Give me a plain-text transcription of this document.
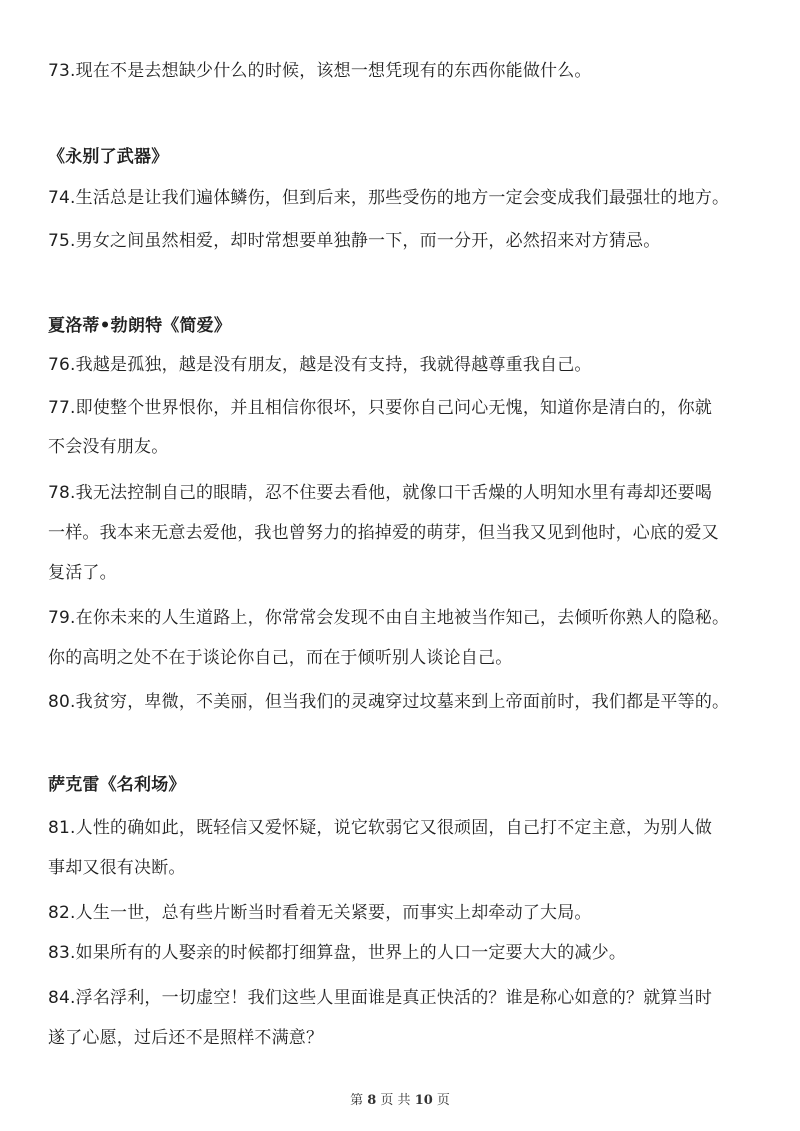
73.现在不是去想缺少什么的时候，该想一想凭现有的东西你能做什么。
《永别了武器》
74.生活总是让我们遍体鳞伤，但到后来，那些受伤的地方一定会变成我们最强壮的地方。
75.男女之间虽然相爱，却时常想要单独静一下，而一分开，必然招来对方猜忌。
夏洛蒂•勃朗特《简爱》
76.我越是孤独，越是没有朋友，越是没有支持，我就得越尊重我自己。
77.即使整个世界恨你，并且相信你很坏，只要你自己问心无愧，知道你是清白的，你就
不会没有朋友。
78.我无法控制自己的眼睛，忍不住要去看他，就像口干舌燥的人明知水里有毒却还要喝
一样。我本来无意去爱他，我也曾努力的掐掉爱的萌芽，但当我又见到他时，心底的爱又
复活了。
79.在你未来的人生道路上，你常常会发现不由自主地被当作知己，去倾听你熟人的隐秘。
你的高明之处不在于谈论你自己，而在于倾听别人谈论自己。
80.我贫穷，卑微，不美丽，但当我们的灵魂穿过坟墓来到上帝面前时，我们都是平等的。
萨克雷《名利场》
81.人性的确如此，既轻信又爱怀疑，说它软弱它又很顽固，自己打不定主意，为别人做
事却又很有决断。
82.人生一世，总有些片断当时看着无关紧要，而事实上却牵动了大局。
83.如果所有的人娶亲的时候都打细算盘，世界上的人口一定要大大的减少。
84.浮名浮利，一切虚空！我们这些人里面谁是真正快活的？谁是称心如意的？就算当时
遂了心愿，过后还不是照样不满意？
第 8 页 共 10 页
